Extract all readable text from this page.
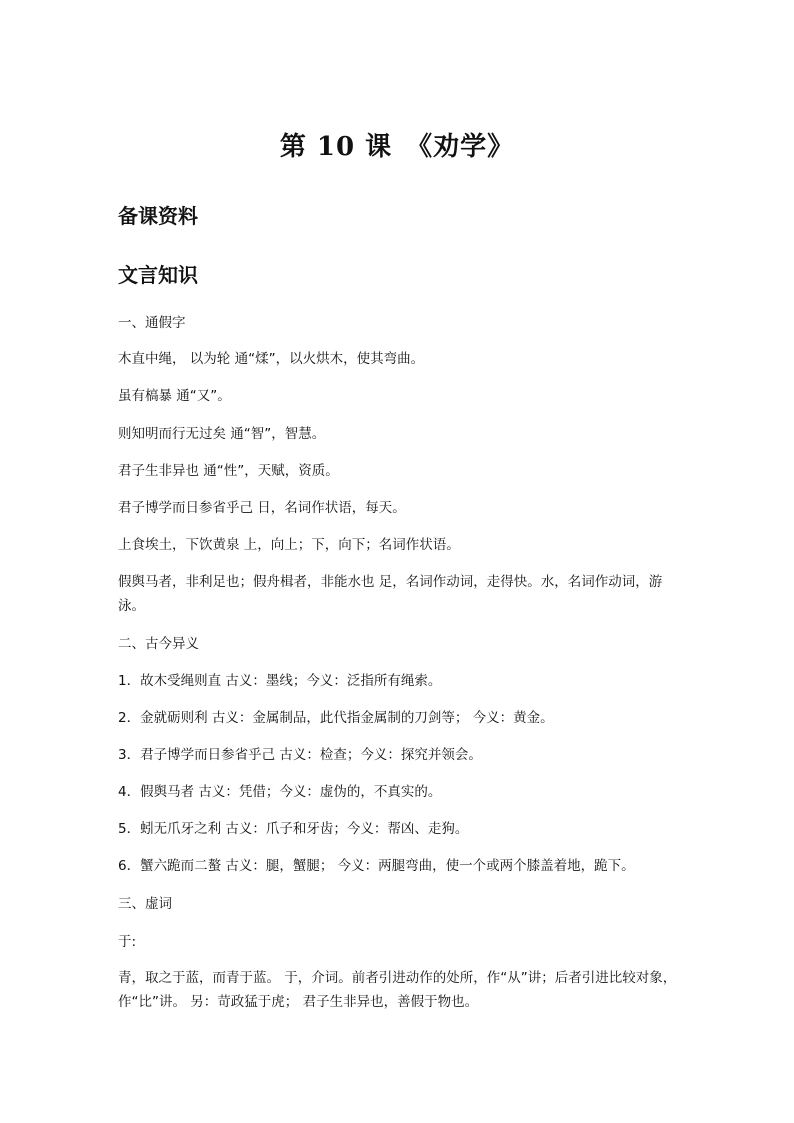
第 10 课　《劝学》
备课资料
文言知识
一、通假字
木直中绳， 以为轮 通“煣”，以火烘木，使其弯曲。
虽有槁暴 通“又”。
则知明而行无过矣 通“智”，智慧。
君子生非异也 通“性”，天赋，资质。
君子博学而日参省乎己 日，名词作状语，每天。
上食埃土，下饮黄泉 上，向上；下，向下；名词作状语。
假舆马者，非利足也；假舟楫者，非能水也 足，名词作动词，走得快。水，名词作动词，游泳。
二、古今异义
1．故木受绳则直 古义：墨线；今义：泛指所有绳索。
2．金就砺则利 古义：金属制品，此代指金属制的刀剑等； 今义：黄金。
3．君子博学而日参省乎己 古义：检查；今义：探究并领会。
4．假舆马者 古义：凭借；今义：虚伪的，不真实的。
5．蚓无爪牙之利 古义：爪子和牙齿；今义：帮凶、走狗。
6．蟹六跪而二螯 古义：腿，蟹腿； 今义：两腿弯曲，使一个或两个膝盖着地，跪下。
三、虚词
于:
青，取之于蓝，而青于蓝。 于，介词。前者引进动作的处所，作“从”讲；后者引进比较对象，作“比”讲。 另：苛政猛于虎； 君子生非异也，善假于物也。
